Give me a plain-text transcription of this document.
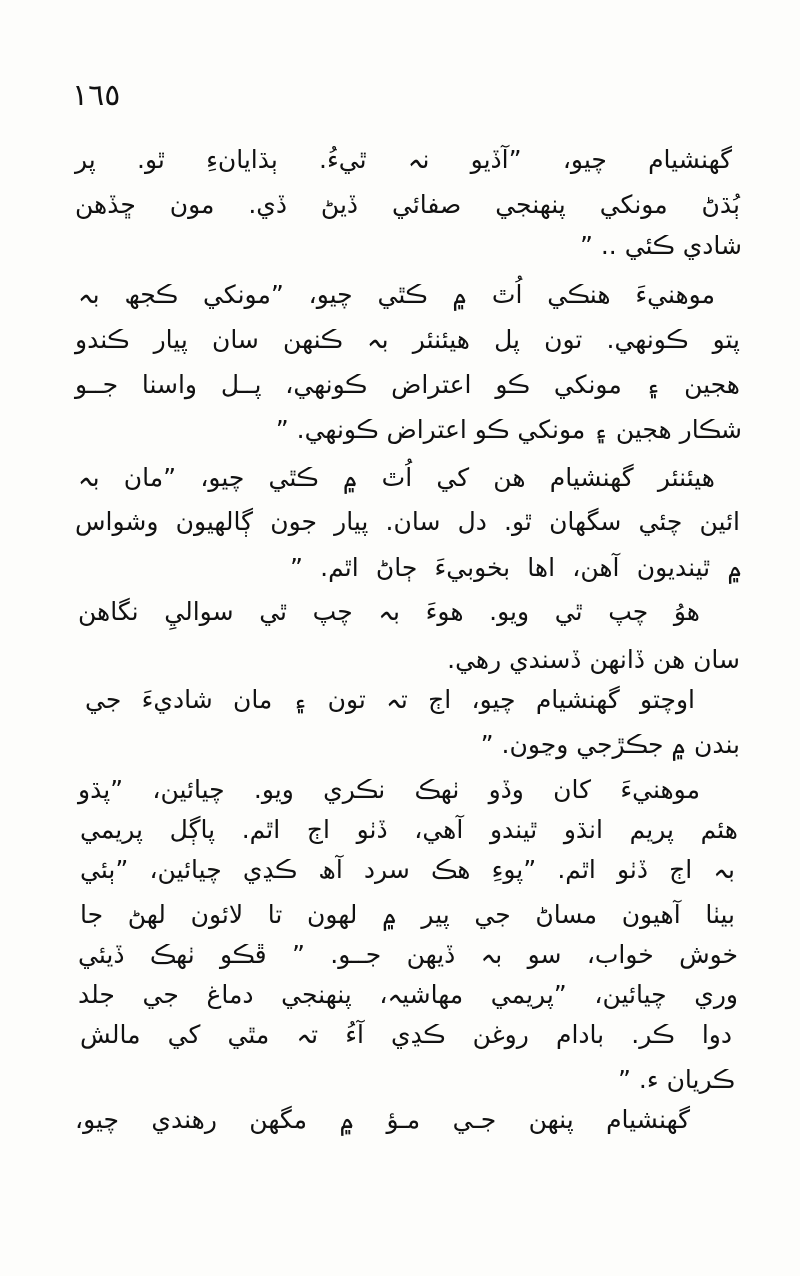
١٦٥
گھنشيام چيو، ”آڏيو نہ ٿيءُ. ٻڌايانءِ ٿو. پر
ٻُڌڻ مونکي پنھنجي صفائي ڏيڻ ڏي. مون ڇڏھن
شادي ڪئي .. ”
موھنيءَ ھنڪي اُٿ ۾ ڪٿي چيو، ”مونکي ڪجھ بہ
پتو ڪونھي. تون پل ھيئنئر بہ ڪنھن سان پيار ڪندو
ھجين ۽ مونکي ڪو اعتراض ڪونھي، پــل واسنا جــو
شڪار ھجين ۽ مونکي ڪو اعتراض ڪونھي. ”
ھيئنئر گھنشيام ھن کي اُٿ ۾ ڪٿي چيو، ”مان بہ
ائين چئي سگھان ٿو. دل سان. پيار جون ڳالھيون وشواس
۾ ٿينديون آھن، اھا بخوبيءَ ڄاڻ اٿم. ”
ھوُ چپ ٿي ويو. ھوءَ بہ چپ ٿي سواليِ نگاھن
سان ھن ڏانھن ڏسندي رھي.
اوچتو گھنشيام چيو، اڄ تہ تون ۽ مان شاديءَ جي
بندن ۾ جڪڙجي وڃون. ”
موھنيءَ کان وڏو ٺهڪ نڪري ويو. چيائين، ”پڌو
ھئم پريم انڌو ٿيندو آھي، ڏٺو اڄ اٿم. پاڳل پريمي
بہ اڄ ڏٺو اٿم. ”پوءِ ھڪ سرد آھ ڪڍي چيائين، ”ٻئي
بيٺا آھيون مساڻ جي پير ۾ لھون تا لائون لھڻ جا
خوش خواب، سو بہ ڏيھن جــو. ” ڦڪو ٺهڪ ڏيئي
وري چيائين، ”پريمي مھاشيہ، پنھنجي دماغ جي جلد
دوا ڪر. بادام روغن ڪڍي آءُ تہ مٿي کي مالش
ڪريان ء. ”
گھنشيام پنھن جـي مـؤ ۾ مگھن رھندي چيو،
